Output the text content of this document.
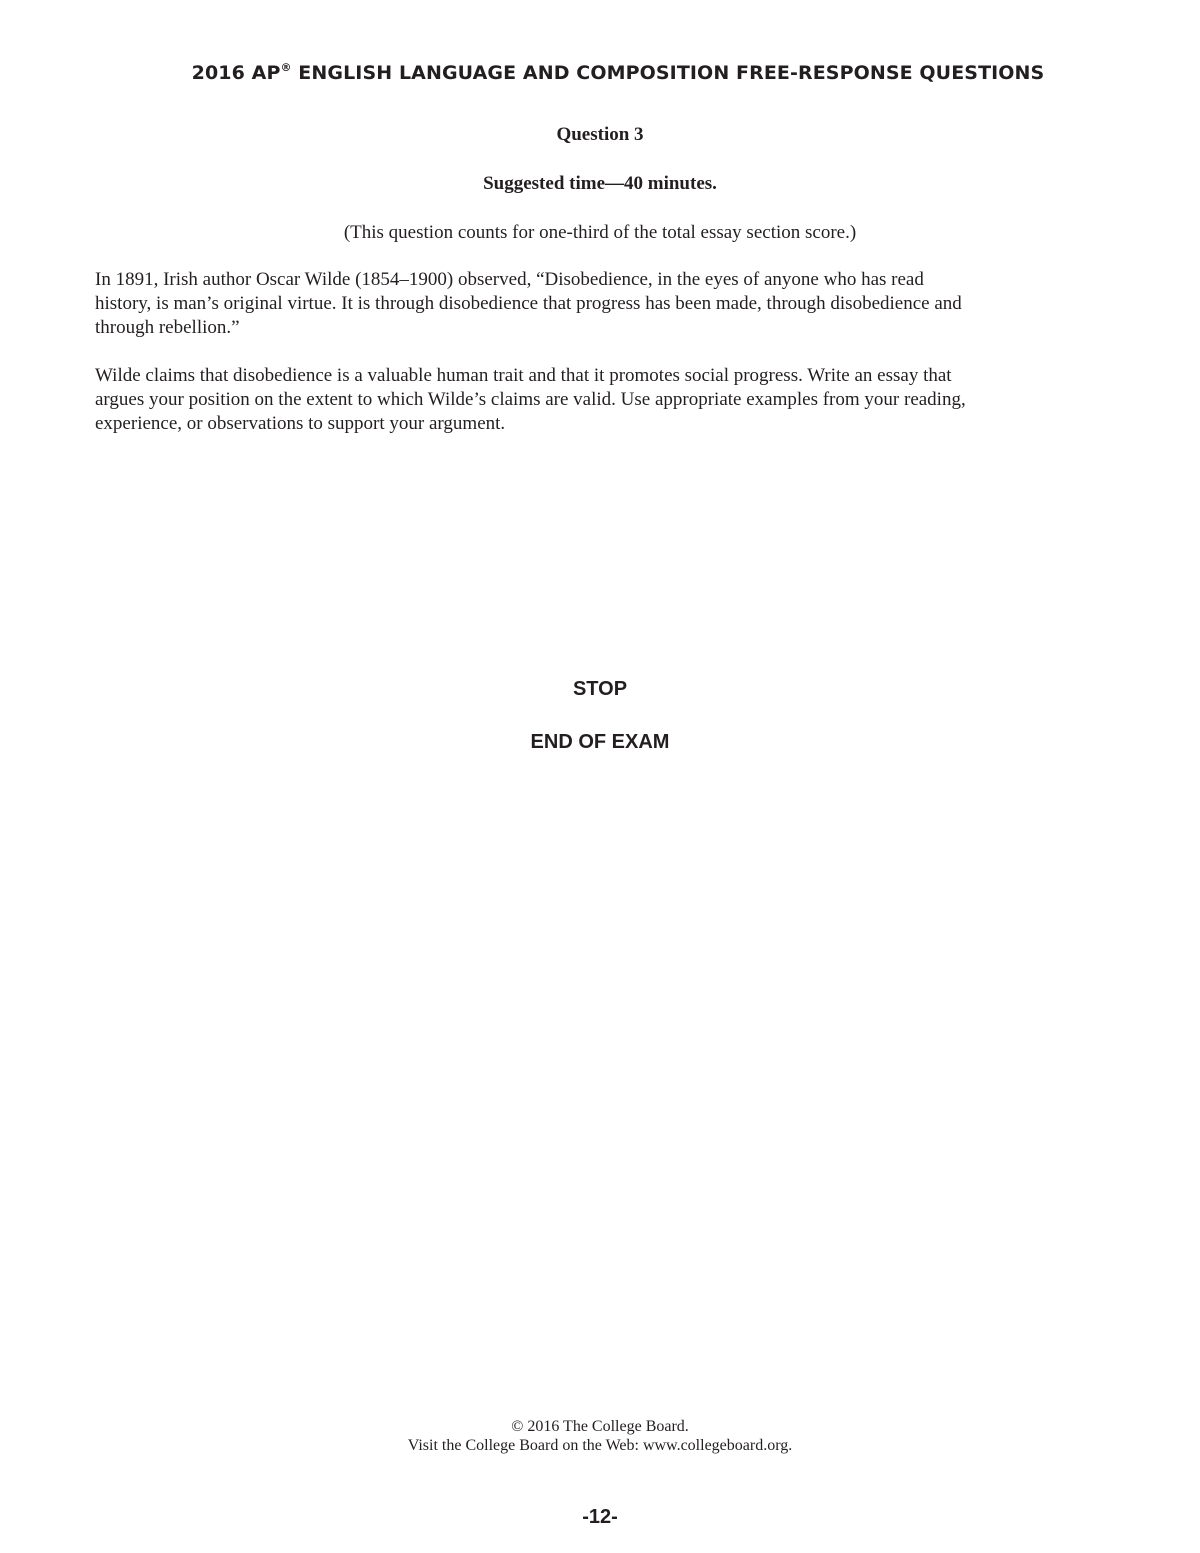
2016 AP® ENGLISH LANGUAGE AND COMPOSITION FREE-RESPONSE QUESTIONS
Question 3
Suggested time—40 minutes.
(This question counts for one-third of the total essay section score.)
In 1891, Irish author Oscar Wilde (1854–1900) observed, “Disobedience, in the eyes of anyone who has read
history, is man’s original virtue. It is through disobedience that progress has been made, through disobedience and
through rebellion.”
Wilde claims that disobedience is a valuable human trait and that it promotes social progress. Write an essay that
argues your position on the extent to which Wilde’s claims are valid. Use appropriate examples from your reading,
experience, or observations to support your argument.
STOP
END OF EXAM
© 2016 The College Board.
Visit the College Board on the Web: www.collegeboard.org.
-12-
